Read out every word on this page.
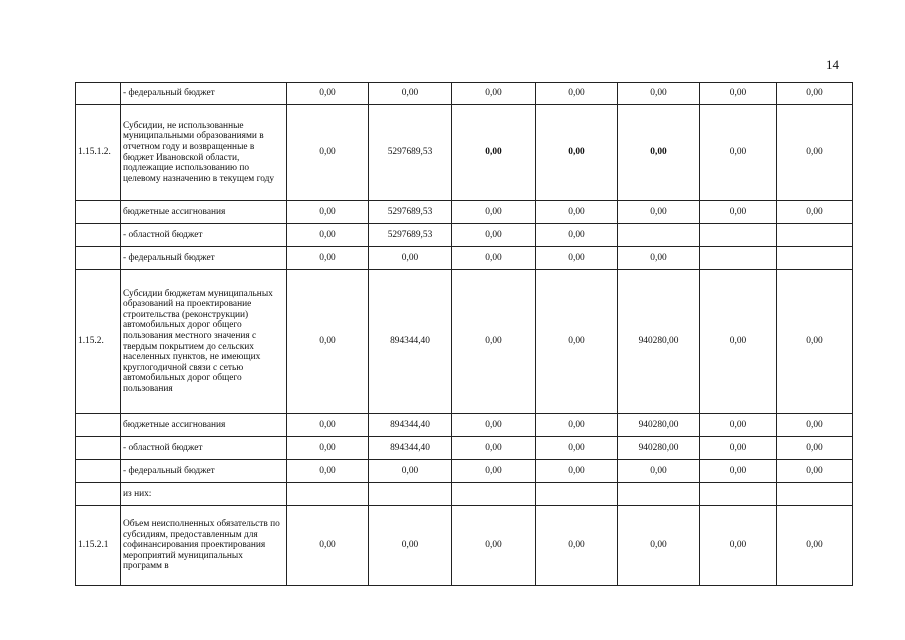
14
	- федеральный бюджет	0,00	0,00	0,00	0,00	0,00	0,00	0,00
1.15.1.2.	Субсидии, не использованные муниципальными образованиями в отчетном году и возвращенные в бюджет Ивановской области, подлежащие использованию по целевому назначению в текущем году	0,00	5297689,53	0,00	0,00	0,00	0,00	0,00
	бюджетные ассигнования	0,00	5297689,53	0,00	0,00	0,00	0,00	0,00
	- областной бюджет	0,00	5297689,53	0,00	0,00			
	- федеральный бюджет	0,00	0,00	0,00	0,00	0,00		
1.15.2.	Субсидии бюджетам муниципальных образований на проектирование строительства (реконструкции) автомобильных дорог общего пользования местного значения с твердым покрытием до сельских населенных пунктов, не имеющих круглогодичной связи с сетью автомобильных дорог общего пользования	0,00	894344,40	0,00	0,00	940280,00	0,00	0,00
	бюджетные ассигнования	0,00	894344,40	0,00	0,00	940280,00	0,00	0,00
	- областной бюджет	0,00	894344,40	0,00	0,00	940280,00	0,00	0,00
	- федеральный бюджет	0,00	0,00	0,00	0,00	0,00	0,00	0,00
	из них:							
1.15.2.1	Объем неисполненных обязательств по субсидиям, предоставленным для софинансирования проектирования мероприятий муниципальных программ в	0,00	0,00	0,00	0,00	0,00	0,00	0,00
